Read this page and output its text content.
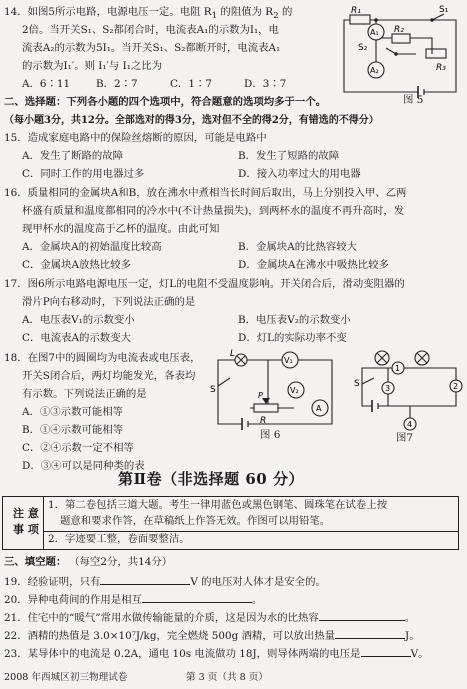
14．如图5所示电路，电源电压一定。电阻 $R_1$ 的阻值为 $R_2$ 的
2倍。当开关S₁、S₂都闭合时，电流表A₁的示数为I₁，电
流表A₂的示数为5I₁。当开关S₁、S₂都断开时，电流表A₁
的示数为I₁′。则 I₁′与 I₁之比为
A．6∶11 B．2∶7	C．1∶7	D．3∶7
R₁
R₂
R₃
S₁
S₂
A₁
A₂
图 5
二、选择题：下列各小题的四个选项中，符合题意的选项均多于一个。
（每小题3分，共12分。全部选对的得3分，选对但不全的得2分，有错选的不得分）
15．造成家庭电路中的保险丝熔断的原因，可能是电路中
A．发生了断路的故障	B．发生了短路的故障
C．同时工作的用电器过多	D．接入功率过大的用电器
16．质量相同的金属块A和B，放在沸水中煮相当长时间后取出，马上分别投入甲、乙两
杯盛有质量和温度都相同的冷水中(不计热量损失)，到两杯水的温度不再升高时，发
现甲杯水的温度高于乙杯的温度。由此可知
A．金属块A的初始温度比较高	B．金属块A的比热容较大
C．金属块A放热比较多	D．金属块A在沸水中吸热比较多
17．图6所示电路电源电压一定，灯L的电阻不受温度影响。开关闭合后，滑动变阻器的
滑片P向右移动时，下列说法正确的是
A．电压表V₁的示数变小	B．电压表V₂的示数变小
C．电流表A的示数变大	D．灯L的实际功率不变
18．在图7中的圆圈均为电流表或电压表，
开关S闭合后，两灯均能发光，各表均
有示数。下列说法正确的是
A．①③示数可能相等
B．①④示数可能相等
C．②④示数一定不相等
D．③④可以是同种类的表
L
V₁
V₂
A
S
P
R
图 6
1
2
3
4
S
图7
第Ⅱ卷（非选择题 60 分）
注 意
事 项
1．第二卷包括三道大题。考生一律用蓝色或黑色钢笔、圆珠笔在试卷上按
题意和要求作答，在草稿纸上作答无效。作图可以用铅笔。
2．字迹要工整，卷面要整洁。
三、填空题： （每空2分，共14分）
19．经验证明，只有	V 的电压对人体才是安全的。
20．异种电荷间的作用是相互	。
21．住宅中的“暖气”常用水做传输能量的介质，这是因为水的比热容	。
22．酒精的热值是 3.0×10⁷J/kg，完全燃烧 500g 酒精，可以放出热量	J。
23．某导体中的电流是 0.2A，通电 10s 电流做功 18J，则导体两端的电压是	V。
2008 年西城区初三物理试卷	第 3 页（共 8 页）
